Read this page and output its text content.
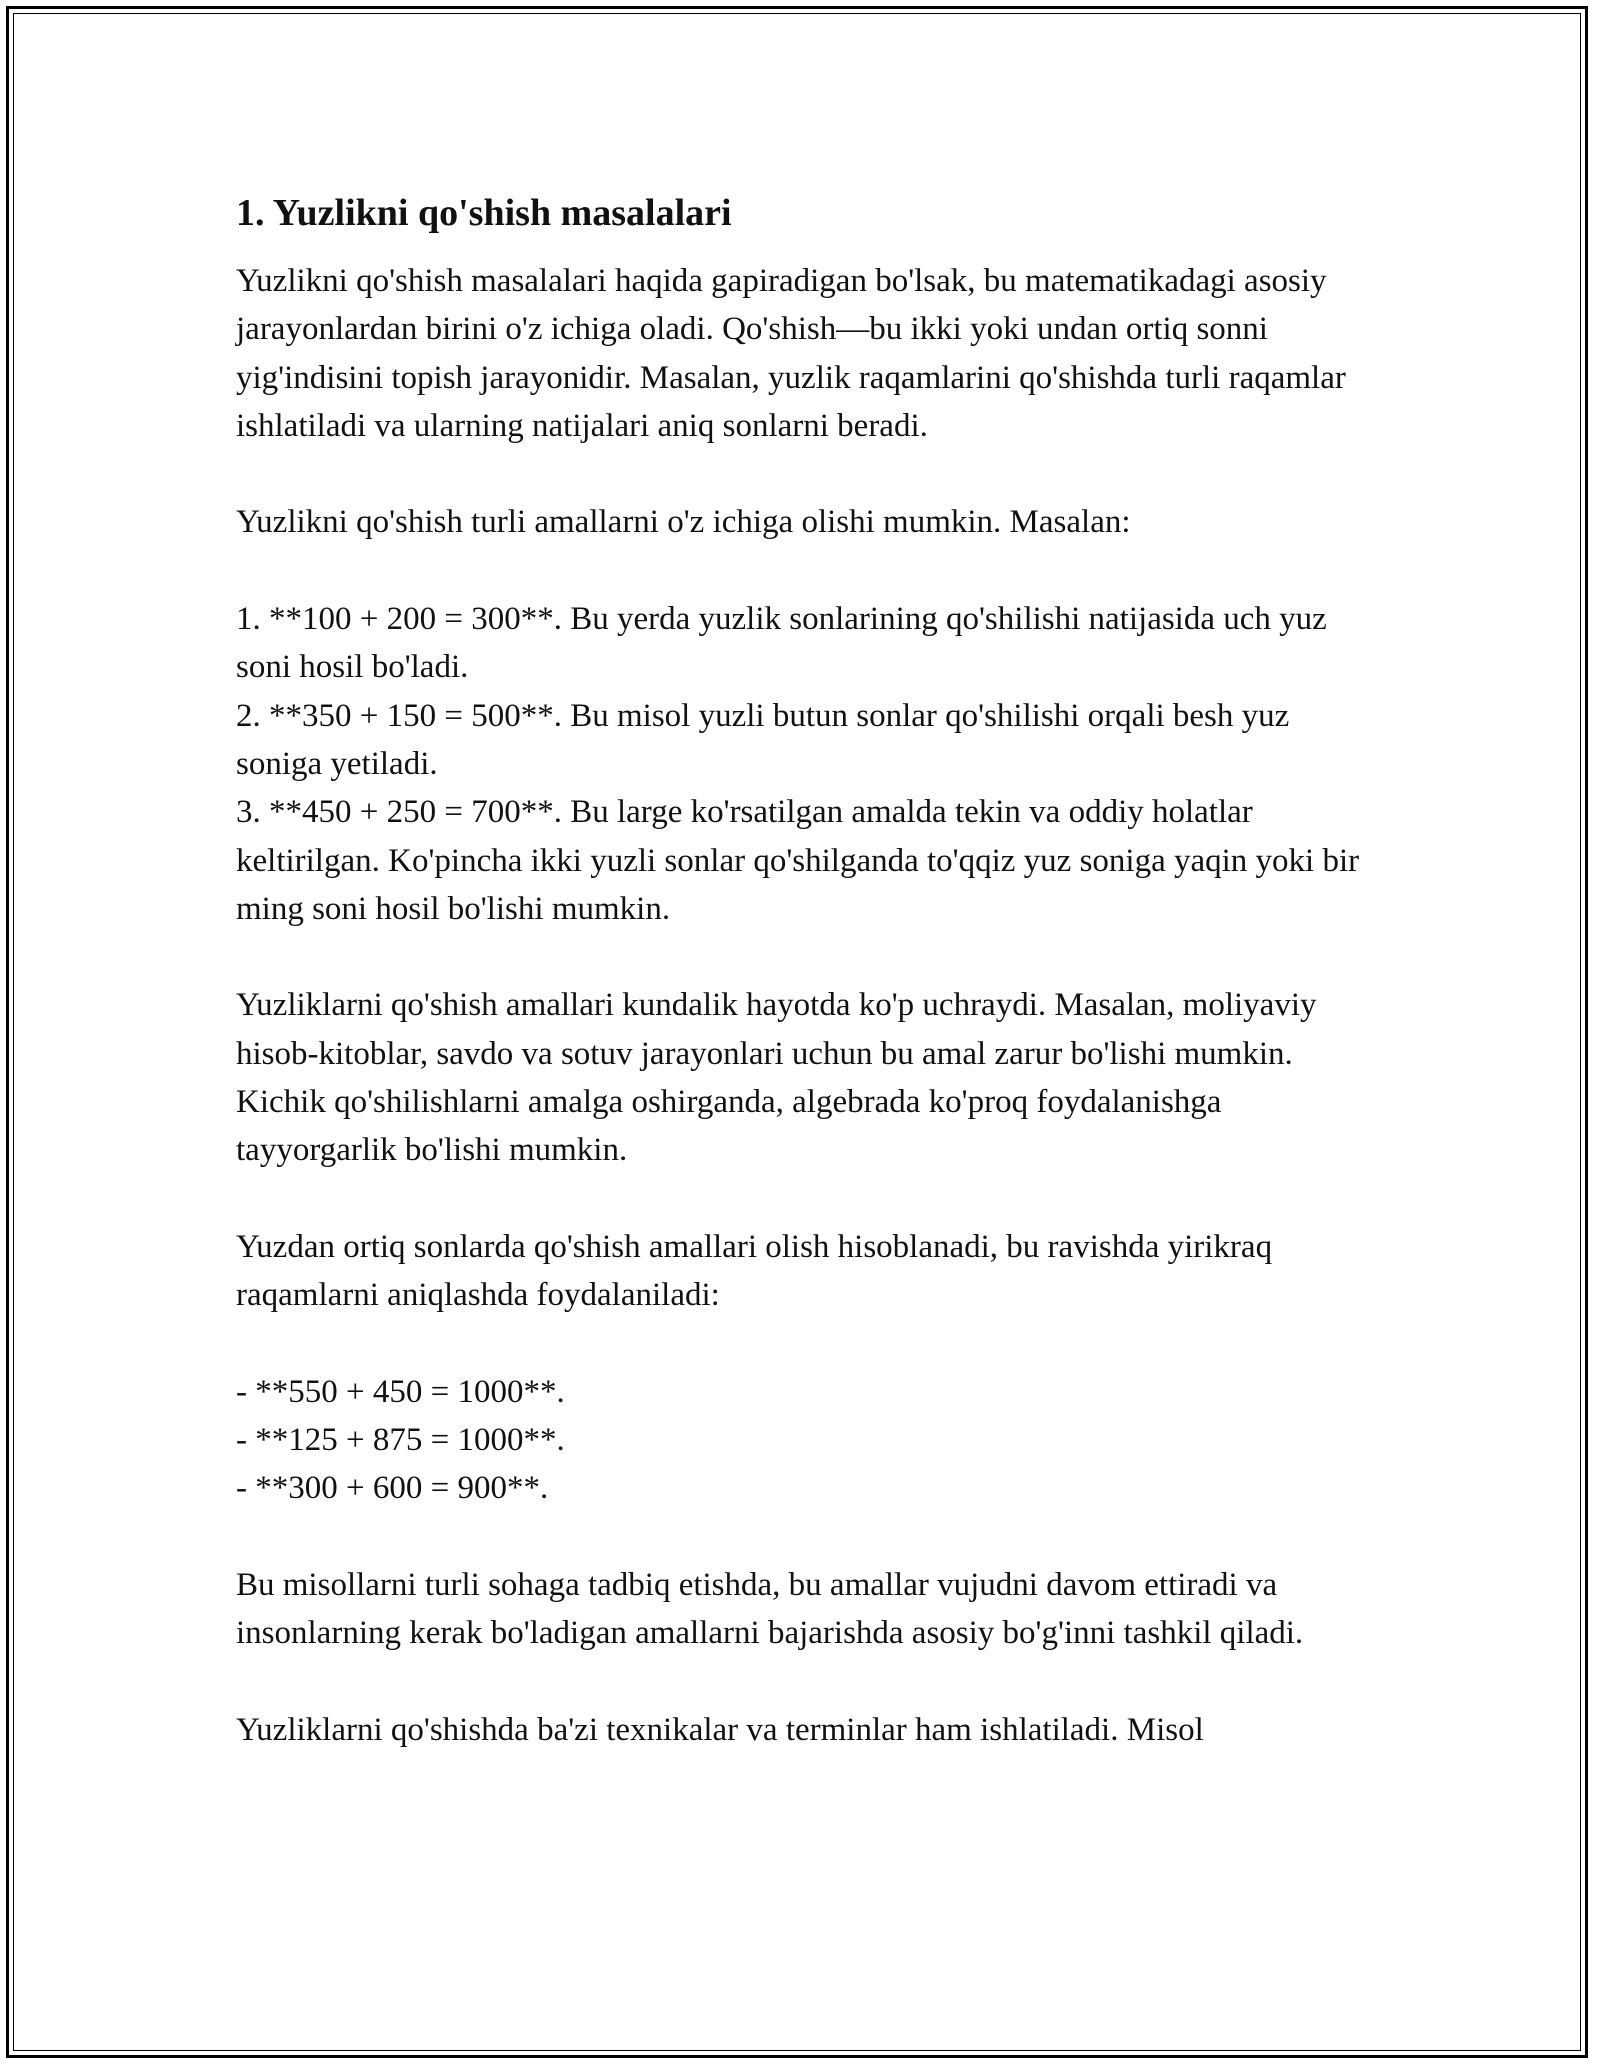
1. Yuzlikni qo'shish masalalari

Yuzlikni qo'shish masalalari haqida gapiradigan bo'lsak, bu matematikadagi asosiy jarayonlardan birini o'z ichiga oladi. Qo'shish—bu ikki yoki undan ortiq sonni yig'indisini topish jarayonidir. Masalan, yuzlik raqamlarini qo'shishda turli raqamlar ishlatiladi va ularning natijalari aniq sonlarni beradi.

Yuzlikni qo'shish turli amallarni o'z ichiga olishi mumkin. Masalan:

1. **100 + 200 = 300**. Bu yerda yuzlik sonlarining qo'shilishi natijasida uch yuz soni hosil bo'ladi.
2. **350 + 150 = 500**. Bu misol yuzli butun sonlar qo'shilishi orqali besh yuz soniga yetiladi.
3. **450 + 250 = 700**. Bu large ko'rsatilgan amalda tekin va oddiy holatlar keltirilgan. Ko'pincha ikki yuzli sonlar qo'shilganda to'qqiz yuz soniga yaqin yoki bir ming soni hosil bo'lishi mumkin.

Yuzliklarni qo'shish amallari kundalik hayotda ko'p uchraydi. Masalan, moliyaviy hisob-kitoblar, savdo va sotuv jarayonlari uchun bu amal zarur bo'lishi mumkin. Kichik qo'shilishlarni amalga oshirganda, algebrada ko'proq foydalanishga tayyorgarlik bo'lishi mumkin.

Yuzdan ortiq sonlarda qo'shish amallari olish hisoblanadi, bu ravishda yirikraq raqamlarni aniqlashda foydalaniladi:

- **550 + 450 = 1000**.
- **125 + 875 = 1000**.
- **300 + 600 = 900**.

Bu misollarni turli sohaga tadbiq etishda, bu amallar vujudni davom ettiradi va insonlarning kerak bo'ladigan amallarni bajarishda asosiy bo'g'inni tashkil qiladi.

Yuzliklarni qo'shishda ba'zi texnikalar va terminlar ham ishlatiladi. Misol
